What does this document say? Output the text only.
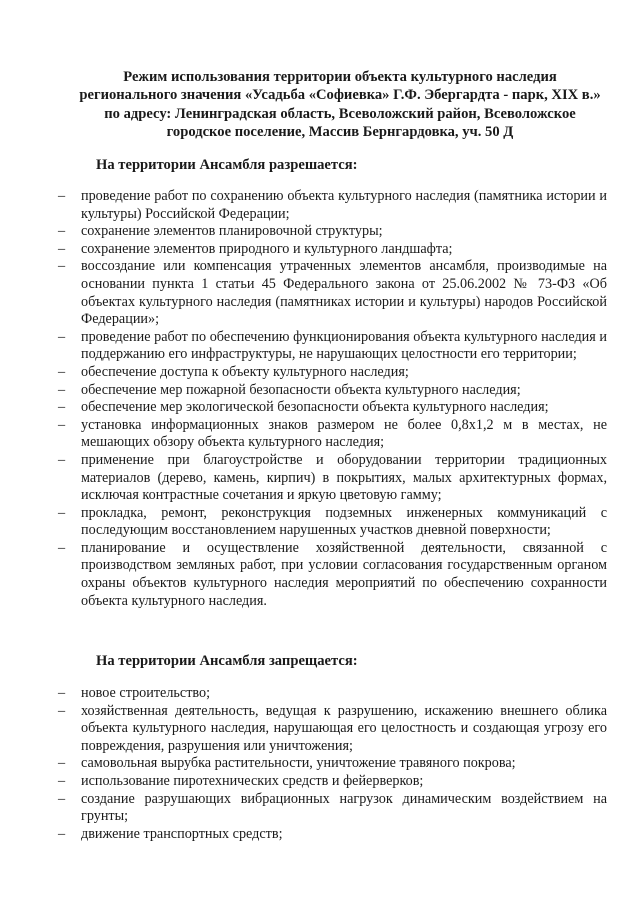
Режим использования территории объекта культурного наследия
регионального значения «Усадьба «Софиевка» Г.Ф. Эбергардта - парк, XIX в.»
по адресу: Ленинградская область, Всеволожский район, Всеволожское
городское поселение, Массив Бернгардовка, уч. 50 Д
На территории Ансамбля разрешается:
– проведение работ по сохранению объекта культурного наследия (памятника истории и культуры) Российской Федерации;
– сохранение элементов планировочной структуры;
– сохранение элементов природного и культурного ландшафта;
– воссоздание или компенсация утраченных элементов ансамбля, производимые на основании пункта 1 статьи 45 Федерального закона от 25.06.2002 № 73-ФЗ «Об объектах культурного наследия (памятниках истории и культуры) народов Российской Федерации»;
– проведение работ по обеспечению функционирования объекта культурного наследия и поддержанию его инфраструктуры, не нарушающих целостности его территории;
– обеспечение доступа к объекту культурного наследия;
– обеспечение мер пожарной безопасности объекта культурного наследия;
– обеспечение мер экологической безопасности объекта культурного наследия;
– установка информационных знаков размером не более 0,8х1,2 м в местах, не мешающих обзору объекта культурного наследия;
– применение при благоустройстве и оборудовании территории традиционных материалов (дерево, камень, кирпич) в покрытиях, малых архитектурных формах, исключая контрастные сочетания и яркую цветовую гамму;
– прокладка, ремонт, реконструкция подземных инженерных коммуникаций с последующим восстановлением нарушенных участков дневной поверхности;
– планирование и осуществление хозяйственной деятельности, связанной с производством земляных работ, при условии согласования государственным органом охраны объектов культурного наследия мероприятий по обеспечению сохранности объекта культурного наследия.
На территории Ансамбля запрещается:
– новое строительство;
– хозяйственная деятельность, ведущая к разрушению, искажению внешнего облика объекта культурного наследия, нарушающая его целостность и создающая угрозу его повреждения, разрушения или уничтожения;
– самовольная вырубка растительности, уничтожение травяного покрова;
– использование пиротехнических средств и фейерверков;
– создание разрушающих вибрационных нагрузок динамическим воздействием на грунты;
– движение транспортных средств;
